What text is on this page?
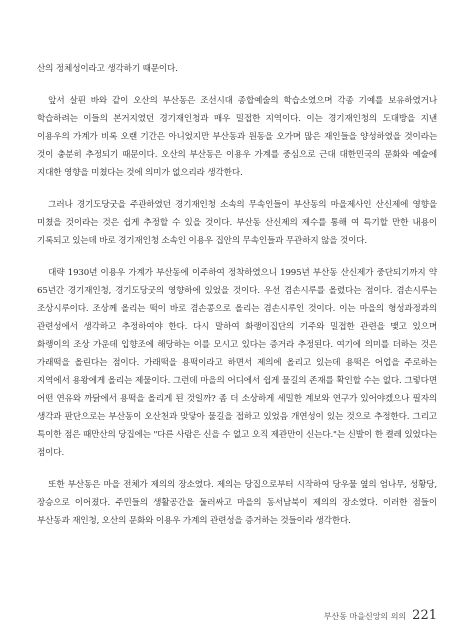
산의 정체성이라고 생각하기 때문이다.

앞서 살핀 바와 같이 오산의 부산동은 조선시대 종합예술의 학습소였으며 각종 기예를 보유하였거나 학습하려는 이들의 본거지였던 경기재인청과 매우 밀접한 지역이다. 이는 경기재인청의 도대방을 지낸 이용우의 가계가 비록 오랜 기간은 아니었지만 부산동과 원동을 오가며 많은 재인들을 양성하였을 것이라는 것이 충분히 추정되기 때문이다. 오산의 부산동은 이용우 가계를 중심으로 근대 대한민국의 문화와 예술에 지대한 영향을 미쳤다는 것에 의미가 없으리라 생각한다.

그러나 경기도당굿을 주관하였던 경기재인청 소속의 무속인들이 부산동의 마을제사인 산신제에 영향을 미쳤을 것이라는 것은 쉽게 추정할 수 있을 것이다. 부산동 산신제의 제수를 통해 여 특기할 만한 내용이 기록되고 있는데 바로 경기재인청 소속인 이용우 집안의 무속인들과 무관하지 않을 것이다.

대략 1930년 이용우 가계가 부산동에 이주하여 정착하였으니 1995년 부산동 산신제가 중단되기까지 약 65년간 경기재인청, 경기도당굿의 영향하에 있었을 것이다. 우선 겸손시루를 올렸다는 점이다. 겸손시루는 조상시루이다. 조상께 올리는 떡이 바로 겸손콩으로 올리는 겸손시루인 것이다. 이는 마을의 형성과정과의 관련성에서 생각하고 추정하여야 한다. 다시 말하여 화랭이집단의 기주와 밀접한 관련을 맺고 있으며 화랭이의 조상 가운데 입향조에 해당하는 이를 모시고 있다는 증거라 추정된다. 여기에 의미를 더하는 것은 가래떡을 올린다는 점이다. 가래떡을 용떡이라고 하면서 제의에 올리고 있는데 용떡은 어업을 주로하는 지역에서 용왕에게 올리는 제물이다. 그런데 마을의 어디에서 쉽게 물길의 존재를 확인할 수는 없다. 그렇다면 어떤 연유와 까닭에서 용떡을 올리게 된 것일까? 좀 더 소상하게 세밀한 계보와 연구가 있어야겠으나 필자의 생각과 판단으로는 부산동이 오산천과 맞닿아 물길을 접하고 있었음 개연성이 있는 것으로 추정한다. 그리고 특이한 점은 때만산의 당집에는 "다른 사람은 신을 수 없고 오직 제관만이 신는다."는 신발이 한 켤레 있었다는 점이다.

또한 부산동은 마을 전체가 제의의 장소였다. 제의는 당집으로부터 시작하여 당우물 옆의 엄나무, 성황당, 장승으로 이어졌다. 주민들의 생활공간을 둘러싸고 마을의 동서남북이 제의의 장소였다. 이러한 점들이 부산동과 재인청, 오산의 문화와 이용우 가계의 관련성을 증거하는 것들이라 생각한다.

부산동 마을신앙의 의의 221
